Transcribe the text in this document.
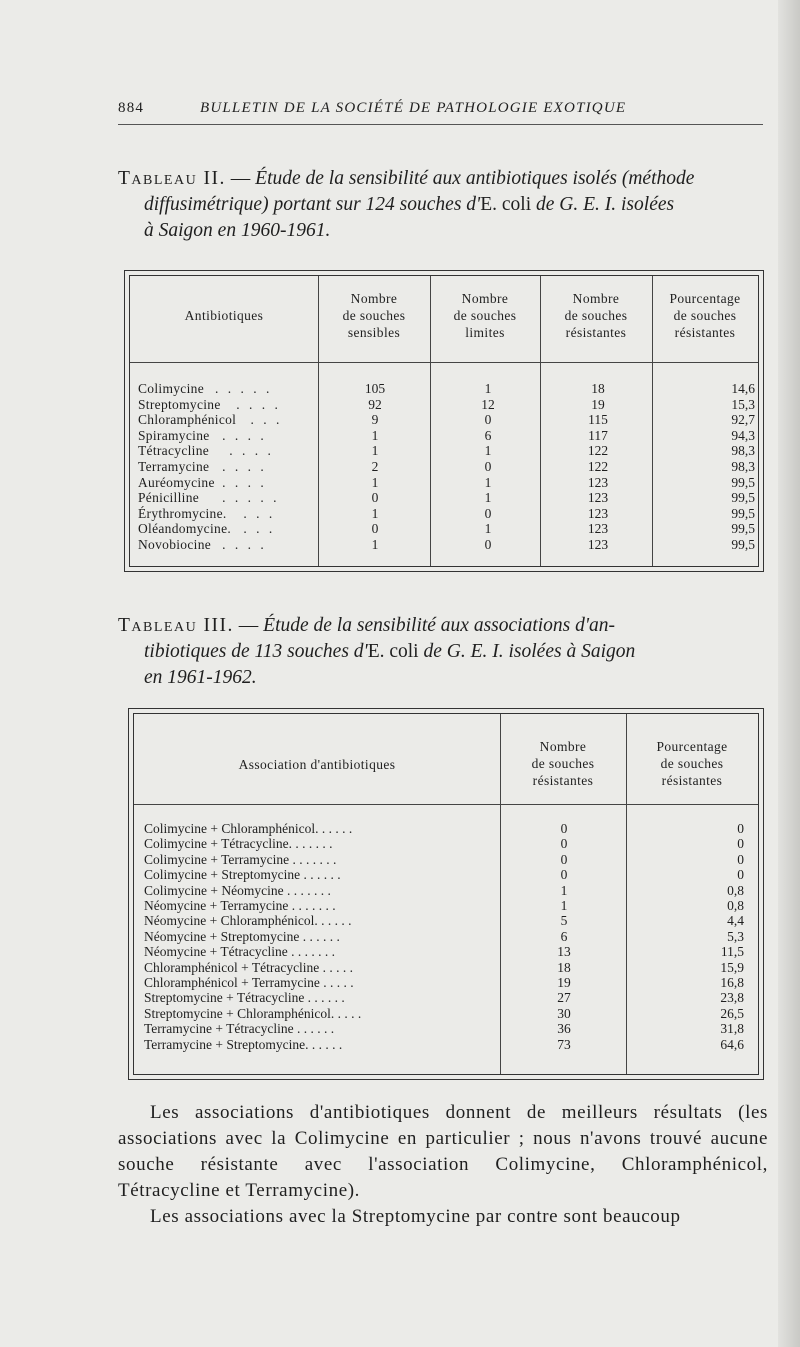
884	BULLETIN DE LA SOCIÉTÉ DE PATHOLOGIE EXOTIQUE
Tableau II. — Étude de la sensibilité aux antibiotiques isolés (méthode
diffusimétrique) portant sur 124 souches d'E. coli de G. E. I. isolées
à Saigon en 1960-1961.
Antibiotiques
Nombre
de souches
sensibles
Nombre
de souches
limites
Nombre
de souches
résistantes
Pourcentage
de souches
résistantes
Colimycine	105	1	18	14,6
. . . . .
Streptomycine	92	12	19	15,3
. . . .
Chloramphénicol	9	0	115	92,7
. . .
Spiramycine	1	6	117	94,3
. . . .
Tétracycline	1	1	122	98,3
. . . .
Terramycine	2	0	122	98,3
. . . .
Auréomycine	1	1	123	99,5
. . . .
Pénicilline	0	1	123	99,5
. . . . .
Érythromycine.	1	0	123	99,5
. . .
Oléandomycine.	0	1	123	99,5
. . .
Novobiocine	1	0	123	99,5
. . . .
Tableau III. — Étude de la sensibilité aux associations d'an-
tibiotiques de 113 souches d'E. coli de G. E. I. isolées à Saigon
en 1961-1962.
Association d'antibiotiques
Nombre
de souches
résistantes
Pourcentage
de souches
résistantes
Colimycine + Chloramphénicol. . . . . .	0	0
Colimycine + Tétracycline. . . . . . .	0	0
Colimycine + Terramycine . . . . . . .	0	0
Colimycine + Streptomycine . . . . . .	0	0
Colimycine + Néomycine . . . . . . .	1	0,8
Néomycine + Terramycine . . . . . . .	1	0,8
Néomycine + Chloramphénicol. . . . . .	5	4,4
Néomycine + Streptomycine . . . . . .	6	5,3
Néomycine + Tétracycline . . . . . . .	13	11,5
Chloramphénicol + Tétracycline . . . . .	18	15,9
Chloramphénicol + Terramycine . . . . .	19	16,8
Streptomycine + Tétracycline . . . . . .	27	23,8
Streptomycine + Chloramphénicol. . . . .	30	26,5
Terramycine + Tétracycline . . . . . .	36	31,8
Terramycine + Streptomycine. . . . . .	73	64,6
Les associations d'antibiotiques donnent de meilleurs résultats (les associations avec la Colimycine en particulier ; nous n'avons trouvé aucune souche résistante avec l'association Colimycine, Chloramphénicol, Tétracycline et Terramycine).
Les associations avec la Streptomycine par contre sont beaucoup
